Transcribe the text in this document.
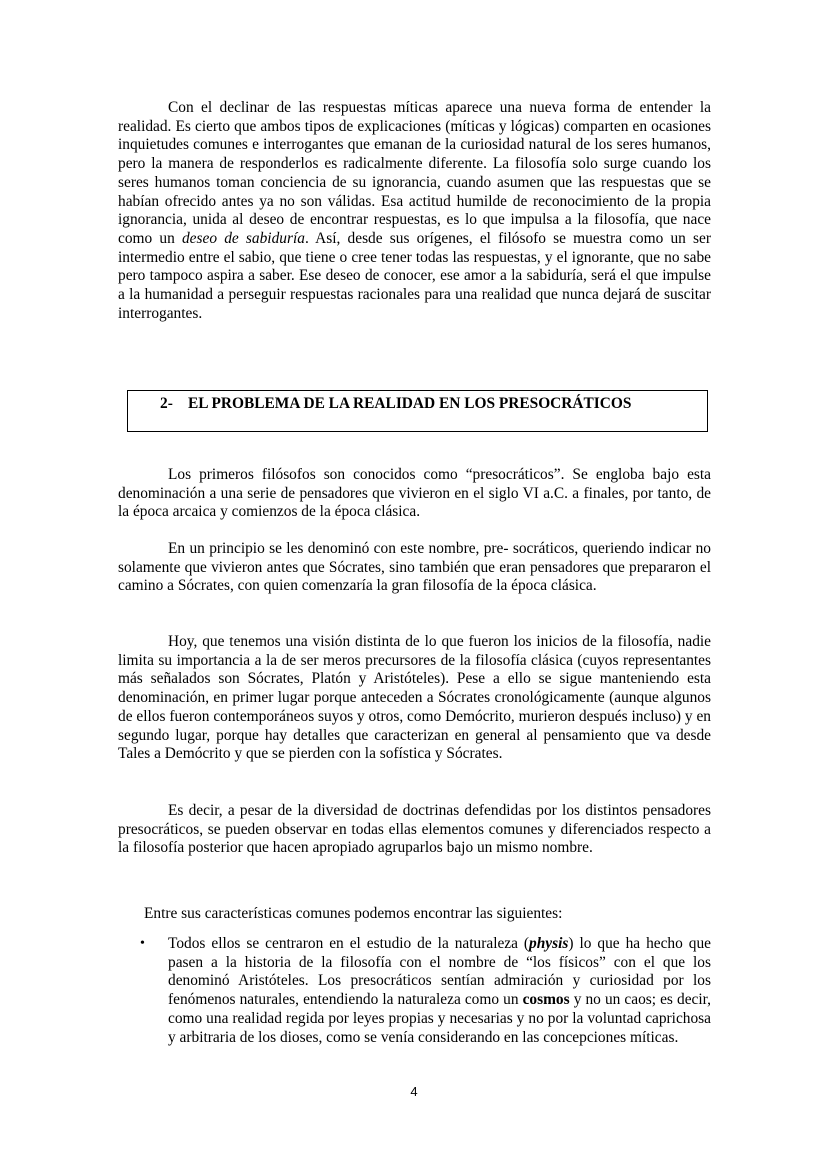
Con el declinar de las respuestas míticas aparece una nueva forma de entender la realidad. Es cierto que ambos tipos de explicaciones (míticas y lógicas) comparten en ocasiones inquietudes comunes e interrogantes que emanan de la curiosidad natural de los seres humanos, pero la manera de responderlos es radicalmente diferente. La filosofía solo surge cuando los seres humanos toman conciencia de su ignorancia, cuando asumen que las respuestas que se habían ofrecido antes ya no son válidas. Esa actitud humilde de reconocimiento de la propia ignorancia, unida al deseo de encontrar respuestas, es lo que impulsa a la filosofía, que nace como un deseo de sabiduría. Así, desde sus orígenes, el filósofo se muestra como un ser intermedio entre el sabio, que tiene o cree tener todas las respuestas, y el ignorante, que no sabe pero tampoco aspira a saber. Ese deseo de conocer, ese amor a la sabiduría, será el que impulse a la humanidad a perseguir respuestas racionales para una realidad que nunca dejará de suscitar interrogantes.

2- EL PROBLEMA DE LA REALIDAD EN LOS PRESOCRÁTICOS

Los primeros filósofos son conocidos como “presocráticos”. Se engloba bajo esta denominación a una serie de pensadores que vivieron en el siglo VI a.C. a finales, por tanto, de la época arcaica y comienzos de la época clásica.

En un principio se les denominó con este nombre, pre- socráticos, queriendo indicar no solamente que vivieron antes que Sócrates, sino también que eran pensadores que prepararon el camino a Sócrates, con quien comenzaría la gran filosofía de la época clásica.

Hoy, que tenemos una visión distinta de lo que fueron los inicios de la filosofía, nadie limita su importancia a la de ser meros precursores de la filosofía clásica (cuyos representantes más señalados son Sócrates, Platón y Aristóteles). Pese a ello se sigue manteniendo esta denominación, en primer lugar porque anteceden a Sócrates cronológicamente (aunque algunos de ellos fueron contemporáneos suyos y otros, como Demócrito, murieron después incluso) y en segundo lugar, porque hay detalles que caracterizan en general al pensamiento que va desde Tales a Demócrito y que se pierden con la sofística y Sócrates.

Es decir, a pesar de la diversidad de doctrinas defendidas por los distintos pensadores presocráticos, se pueden observar en todas ellas elementos comunes y diferenciados respecto a la filosofía posterior que hacen apropiado agruparlos bajo un mismo nombre.

Entre sus características comunes podemos encontrar las siguientes:

• Todos ellos se centraron en el estudio de la naturaleza (physis) lo que ha hecho que pasen a la historia de la filosofía con el nombre de “los físicos” con el que los denominó Aristóteles. Los presocráticos sentían admiración y curiosidad por los fenómenos naturales, entendiendo la naturaleza como un cosmos y no un caos; es decir, como una realidad regida por leyes propias y necesarias y no por la voluntad caprichosa y arbitraria de los dioses, como se venía considerando en las concepciones míticas.

4
